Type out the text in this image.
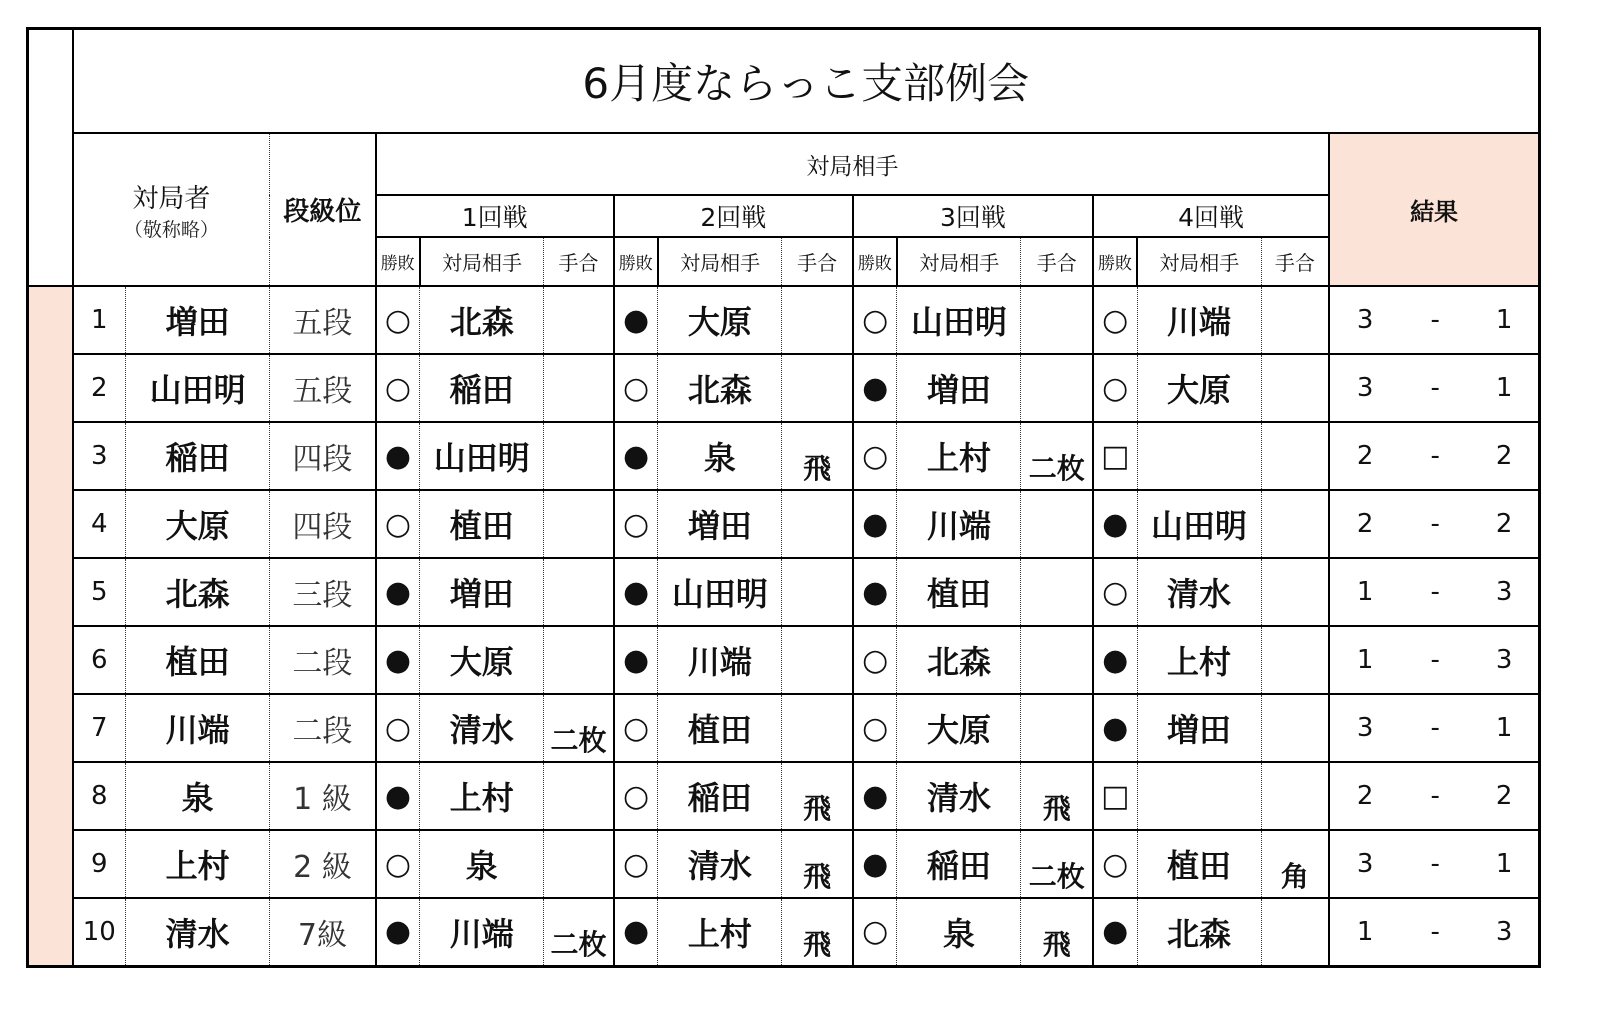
	6月度ならっこ支部例会																	

	対局者
（敬称略）		段級位	対局相手												結果		
				1回戦			2回戦			3回戦			4回戦					
				勝敗	対局相手	手合	勝敗	対局相手	手合	勝敗	対局相手	手合	勝敗	対局相手	手合			
	1	増田	五段	○	北森		●	大原		○	山田明		○	川端		3	-	1
	2	山田明	五段	○	稲田		○	北森		●	増田		○	大原		3	-	1
	3	稲田	四段	●	山田明		●	泉	飛	○	上村	二枚	□			2	-	2
	4	大原	四段	○	植田		○	増田		●	川端		●	山田明		2	-	2
	5	北森	三段	●	増田		●	山田明		●	植田		○	清水		1	-	3
	6	植田	二段	●	大原		●	川端		○	北森		●	上村		1	-	3
	7	川端	二段	○	清水	二枚	○	植田		○	大原		●	増田		3	-	1
	8	泉	1 級	●	上村		○	稲田	飛	●	清水	飛	□			2	-	2
	9	上村	2 級	○	泉		○	清水	飛	●	稲田	二枚	○	植田	角	3	-	1
	10	清水	7級	●	川端	二枚	●	上村	飛	○	泉	飛	●	北森		1	-	3
